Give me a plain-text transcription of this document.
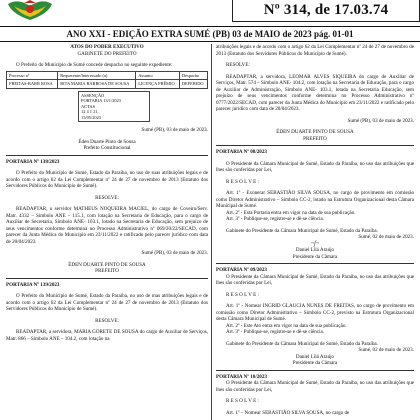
Nº 314, de 17.03.74
ANO XXI - EDIÇÃO EXTRA SUMÉ (PB) 03 de MAIO de 2023 pág. 01-01

ATOS DO PODER EXECUTIVO

GABINETE DO PREFEITO

O Prefeito do Município de Sumé concede despacho no seguinte expediente:

Processo nº	Requerente/Interessado (a)	Assunto	Despacho
FREITAS-BARR ROSA	RITA MARIA BARBOSA DE SOUSA	LICENÇA PRÊMIO	DEFERIDO

ASSENÇÃO

PORTARIA 13/1/2023

ACTAS

12 4 1 21.

15/05/2023

Sumé (PB), 03 de maio de 2023.

Éden Duarte Pinto de Sousa

Prefeito Constitucional

PORTARIA Nº 138/2023

O Prefeito do Município de Sumé, Estado da Paraíba, no uso de suas atribuições legais e de acordo com o artigo 62 da Lei Complementar nº 24 de 27 de novembro de 2013 (Estatuto dos Servidores Públicos do Município de Sumé).

RESOLVE:

READAPTAR, o servidor MATHEUS NOQUEIRA MACIEL, do cargo de Coveiro/Serv. Matr. 4332 – Símbolo ANE – 115.1, com lotação na Secretaria de Educação, para o cargo de Auxiliar de Secretaria, Símbolo ANE- 103.1, lotado na Secretaria de Educação, sem prejuízo de seus vencimentos conforme determina no Processo Administrativo nº 069/20/22/SECAD, com parecer da Junta Médica do Município em 23/11/2022 e ratificado pelo parecer jurídico com data de 20/04/2023.

Sumé (PB), 03 de maio de 2023.

ÉDEN DUARTE PINTO DE SOUSA

PREFEITO

PORTARIA Nº 139/2023

O Prefeito do Município de Sumé, Estado da Paraíba, no uso de mas atribuições legais e de acordo com o artigo 62 da Lei Complementar nº 24 de 27 de novembro de 2013 (Estatuto dos Servidores Públicos do Município de Sumé).

RESOLVE:

READAPTAR, a servidora, MARIA GORETE DE SOUSA do cargo de Auxiliar de Serviços, Matr. 866 – Símbolo ANE – 104.2, com lotação na

atribuições legais e de acordo com o artigo 62 da Lei Complementar nº 24 de 27 de novembro de 2013 (Estatuto dos Servidores Públicos do Município de Sumé).

RESOLVE:

READAPTAR, a servidora, LEOMAR ALVES SIQUEIRA do cargo de Auxiliar de Serviços, Matr. 574 – Símbolo ANE- 104.2, com lotação na Secretaria de Educação, para o cargo de Auxiliar de Administração, Símbolo ANE- 103.1, lotada na Secretaria Educação, sem prejuízo de seus vencimentos conforme determina no Processo Administrativo nº 0777/2022/SECAD, com parecer da Junta Médica do Município em 23/11/2022 e ratificado pelo parecer jurídico com data de 20/04/2023.

Sumé (PB), 03 de maio de 2023.

ÉDEN DUARTE PINTO DE SOUSA

PREFEITO

PORTARIA Nº 08/2023

O Presidente da Câmara Municipal de Sumé, Estado da Paraíba, no uso das atribuições que lhes são conferidas por Lei,

R E S O L V E :

Art. 1º - Exonerar SEBASTIÃO SILVA SOUSA, no cargo de provimento em comissão como Diretor Administrativo – Símbolo CC-2, lotado na Estrutura Organizacional desta Câmara Municipal de Sumé.

Art. 2º - Esta Portaria entra em vigor na data de sua publicação.

Art. 3º - Publique-se, registre-se e dê-se ciência.

Gabinete do Presidente da Câmara Municipal de Sumé, Estado da Paraíba.

Sumé, 02 de maio de 2023.

~ʃ~

Daniel Lilá Araújo

Presidente da Câmara

PORTARIA Nº 09/2023

O Presidente da Câmara Municipal de Sumé, Estado da Paraíba, no uso das atribuições que lhes são conferidas por Lei,

R E S O L V E :

Art. 1º - Nomear INGRID GLAUCIA NUNES DE FREITAS, no cargo de provimento em comissão como Diretor Administrativo – Símbolo CC-2, previsto na Estrutura Organizacional desta Câmara Municipal de Sumé.

Art. 2º - Este Ato entra em vigor na data de sua publicação.

Art. 3º - Publique-se, registre-se e dê-se ciência.

Gabinete do Presidente da Câmara Municipal de Sumé, Estado da Paraíba.

Sumé, 02 de maio de 2023.

Daniel Lilá Araújo

Presidente da Câmara

PORTARIA Nº 10/2023

O Presidente da Câmara Municipal de Sumé, Estado da Paraíba, no uso das atribuições que lhes são conferidas por Lei,

R E S O L V E :

Art. 1º – Nomear SEBASTIÃO SILVA SOUSA, no cargo de
